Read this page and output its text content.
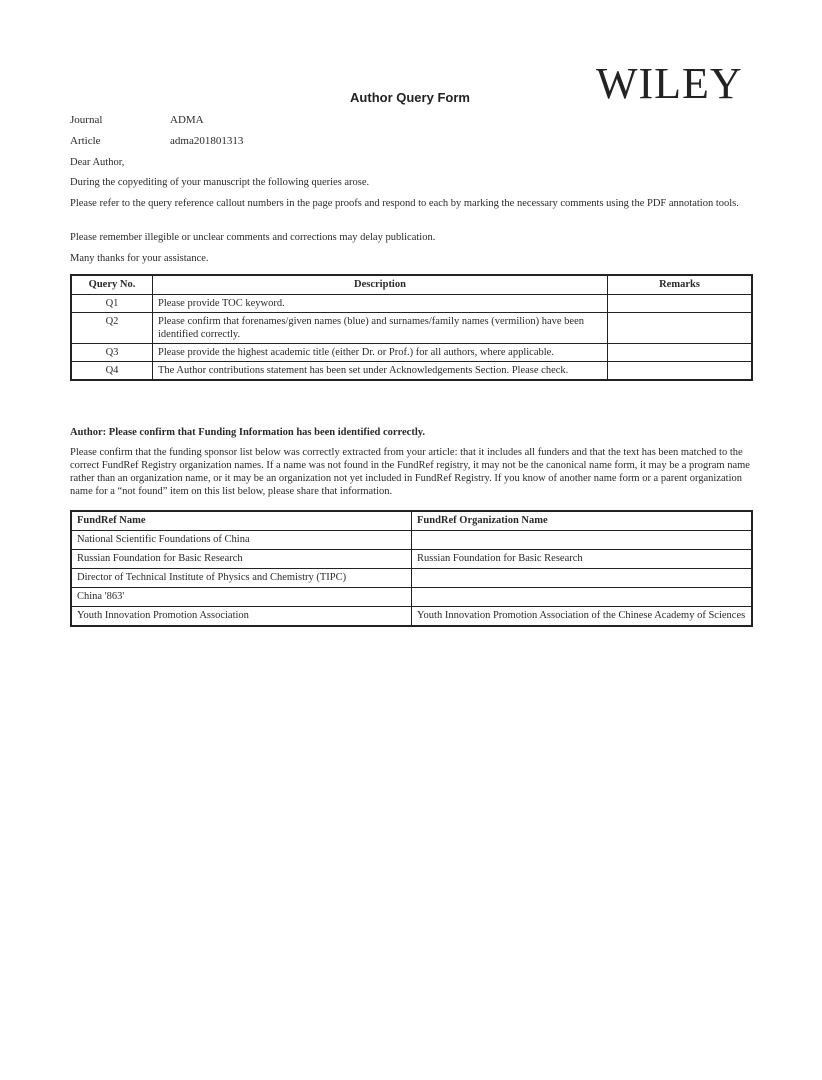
WILEY
Author Query Form
Journal	ADMA
Article	adma201801313
Dear Author,
During the copyediting of your manuscript the following queries arose.
Please refer to the query reference callout numbers in the page proofs and respond to each by marking the necessary comments using the PDF annotation tools.
Please remember illegible or unclear comments and corrections may delay publication.
Many thanks for your assistance.
Query No.	Description	Remarks
Q1	Please provide TOC keyword.	
Q2	Please confirm that forenames/given names (blue) and surnames/family names (vermilion) have been identified correctly.	
Q3	Please provide the highest academic title (either Dr. or Prof.) for all authors, where applicable.	
Q4	The Author contributions statement has been set under Acknowledgements Section. Please check.	
Author: Please confirm that Funding Information has been identified correctly.
Please confirm that the funding sponsor list below was correctly extracted from your article: that it includes all funders and that the text has been matched to the correct FundRef Registry organization names. If a name was not found in the FundRef registry, it may not be the canonical name form, it may be a program name rather than an organization name, or it may be an organization not yet included in FundRef Registry. If you know of another name form or a parent organization name for a “not found” item on this list below, please share that information.
FundRef Name	FundRef Organization Name
National Scientific Foundations of China	
Russian Foundation for Basic Research	Russian Foundation for Basic Research
Director of Technical Institute of Physics and Chemistry (TIPC)	
China '863'	
Youth Innovation Promotion Association	Youth Innovation Promotion Association of the Chinese Academy of Sciences
